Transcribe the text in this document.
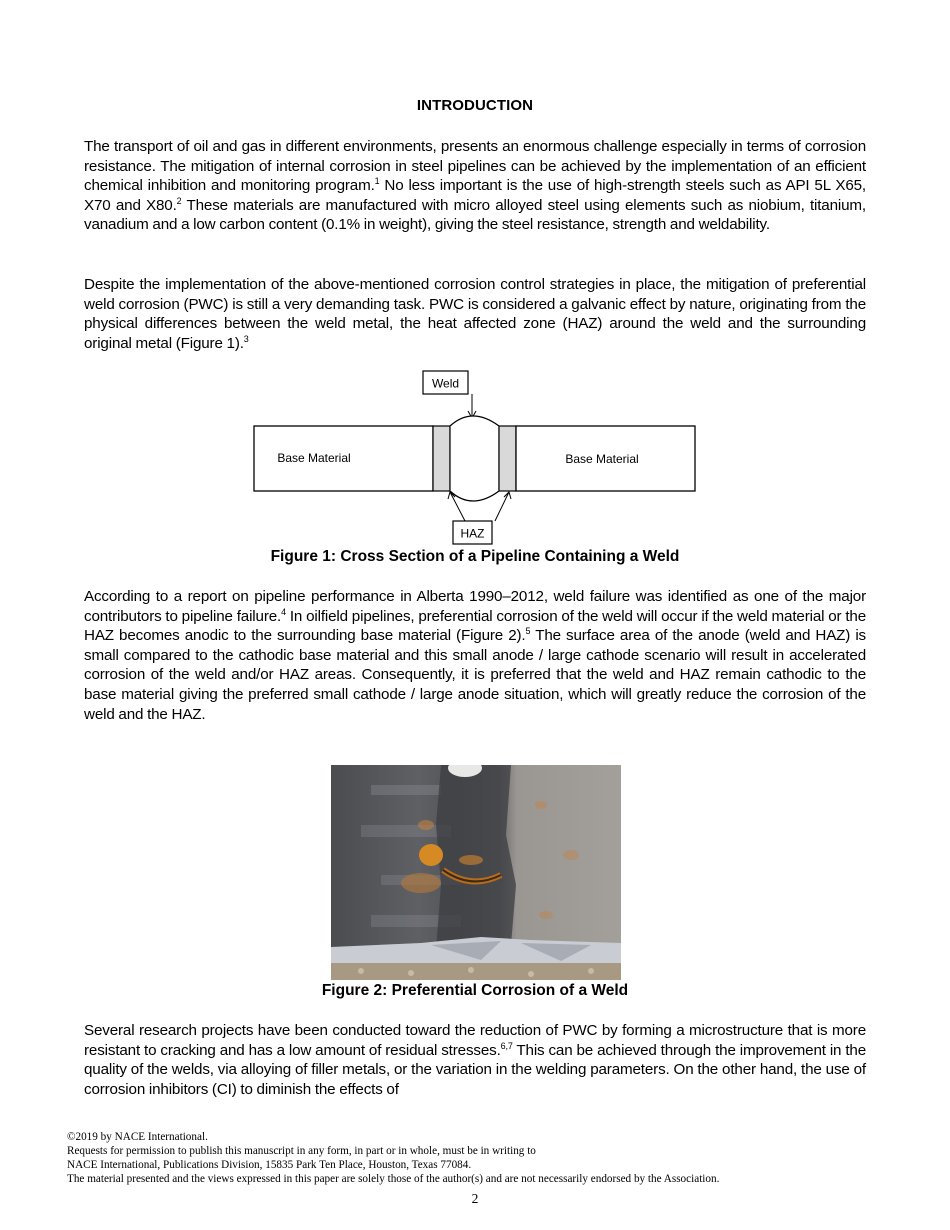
INTRODUCTION
The transport of oil and gas in different environments, presents an enormous challenge especially in terms of corrosion resistance. The mitigation of internal corrosion in steel pipelines can be achieved by the implementation of an efficient chemical inhibition and monitoring program.$^1$ No less important is the use of high-strength steels such as API 5L X65, X70 and X80.$^2$ These materials are manufactured with micro alloyed steel using elements such as niobium, titanium, vanadium and a low carbon content (0.1% in weight), giving the steel resistance, strength and weldability.
Despite the implementation of the above-mentioned corrosion control strategies in place, the mitigation of preferential weld corrosion (PWC) is still a very demanding task. PWC is considered a galvanic effect by nature, originating from the physical differences between the weld metal, the heat affected zone (HAZ) around the weld and the surrounding original metal (Figure 1).$^3$
Weld
Base Material	Base Material
HAZ
Figure 1: Cross Section of a Pipeline Containing a Weld
According to a report on pipeline performance in Alberta 1990–2012, weld failure was identified as one of the major contributors to pipeline failure.$^4$ In oilfield pipelines, preferential corrosion of the weld will occur if the weld material or the HAZ becomes anodic to the surrounding base material (Figure 2).$^5$ The surface area of the anode (weld and HAZ) is small compared to the cathodic base material and this small anode / large cathode scenario will result in accelerated corrosion of the weld and/or HAZ areas. Consequently, it is preferred that the weld and HAZ remain cathodic to the base material giving the preferred small cathode / large anode situation, which will greatly reduce the corrosion of the weld and the HAZ.
Figure 2: Preferential Corrosion of a Weld
Several research projects have been conducted toward the reduction of PWC by forming a microstructure that is more resistant to cracking and has a low amount of residual stresses.$^{6,7}$ This can be achieved through the improvement in the quality of the welds, via alloying of filler metals, or the variation in the welding parameters. On the other hand, the use of corrosion inhibitors (CI) to diminish the effects of
©2019 by NACE International.
Requests for permission to publish this manuscript in any form, in part or in whole, must be in writing to
NACE International, Publications Division, 15835 Park Ten Place, Houston, Texas 77084.
The material presented and the views expressed in this paper are solely those of the author(s) and are not necessarily endorsed by the Association.
2
